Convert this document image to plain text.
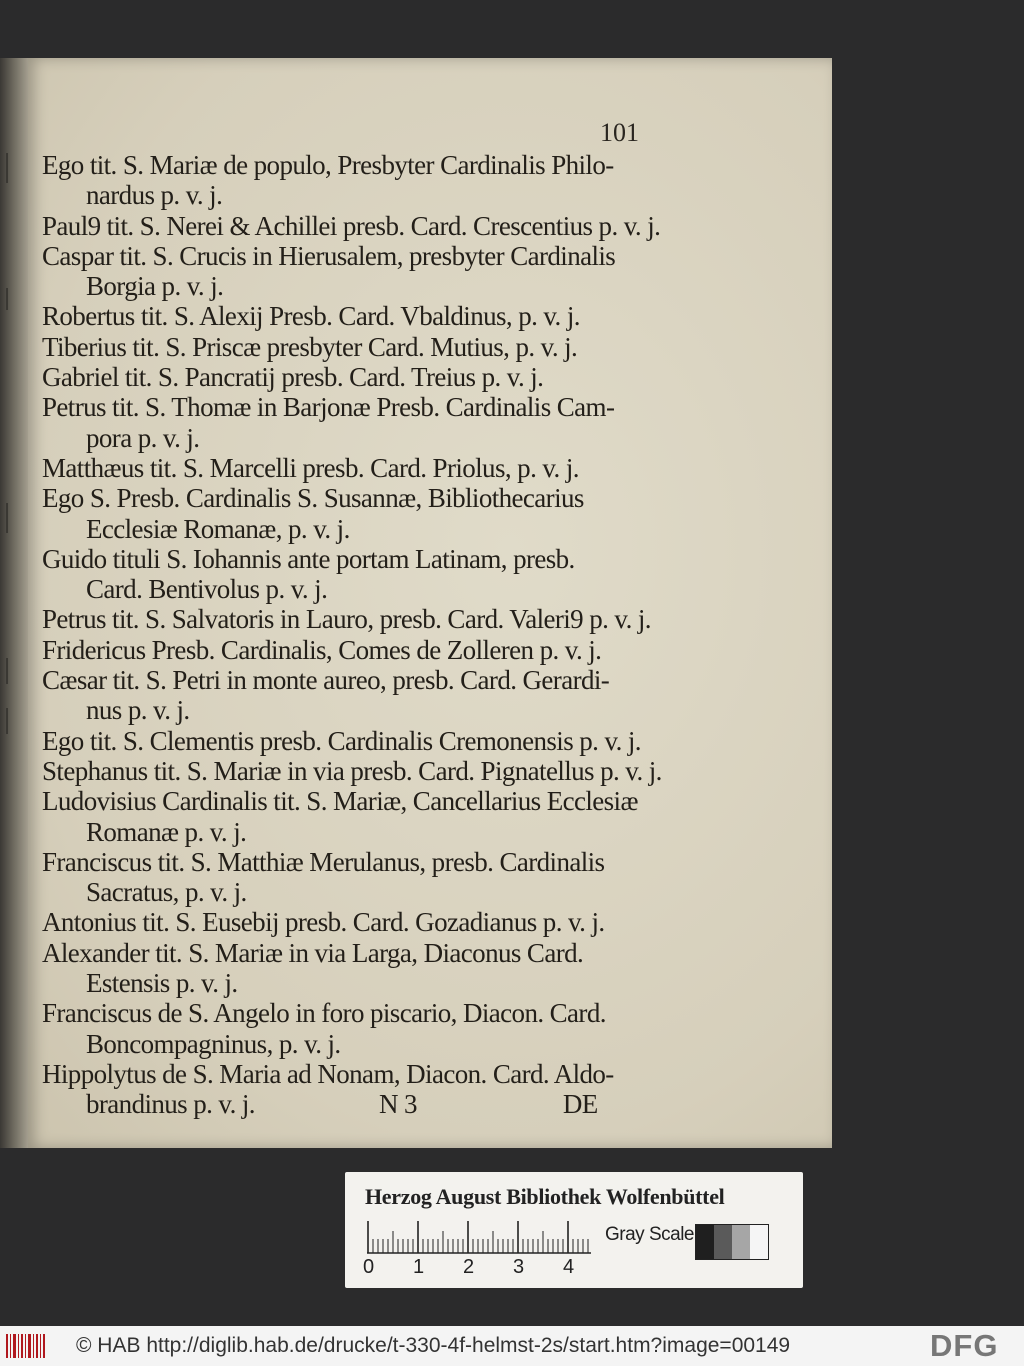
101

Ego tit. S. Mariæ de populo, Presbyter Cardinalis Philo-
nardus p. v. j.

Paul9 tit. S. Nerei & Achillei presb. Card. Crescentius p. v. j.

Caspar tit. S. Crucis in Hierusalem, presbyter Cardinalis
Borgia p. v. j.

Robertus tit. S. Alexij Presb. Card. Vbaldinus, p. v. j.

Tiberius tit. S. Priscæ presbyter Card. Mutius, p. v. j.

Gabriel tit. S. Pancratij presb. Card. Treius p. v. j.

Petrus tit. S. Thomæ in Barjonæ Presb. Cardinalis Cam-
pora p. v. j.

Matthæus tit. S. Marcelli presb. Card. Priolus, p. v. j.

Ego S. Presb. Cardinalis S. Susannæ, Bibliothecarius
Ecclesiæ Romanæ, p. v. j.

Guido tituli S. Iohannis ante portam Latinam, presb.
Card. Bentivolus p. v. j.

Petrus tit. S. Salvatoris in Lauro, presb. Card. Valeri9 p. v. j.

Fridericus Presb. Cardinalis, Comes de Zolleren p. v. j.

Cæsar tit. S. Petri in monte aureo, presb. Card. Gerardi-
nus p. v. j.

Ego tit. S. Clementis presb. Cardinalis Cremonensis p. v. j.

Stephanus tit. S. Mariæ in via presb. Card. Pignatellus p. v. j.

Ludovisius Cardinalis tit. S. Mariæ, Cancellarius Ecclesiæ
Romanæ p. v. j.

Franciscus tit. S. Matthiæ Merulanus, presb. Cardinalis
Sacratus, p. v. j.

Antonius tit. S. Eusebij presb. Card. Gozadianus p. v. j.

Alexander tit. S. Mariæ in via Larga, Diaconus Card.
Estensis p. v. j.

Franciscus de S. Angelo in foro piscario, Diacon. Card.
Boncompagninus, p. v. j.

Hippolytus de S. Maria ad Nonam, Diacon. Card. Aldo-

brandinus p. v. j.	N 3	DE
Herzog August Bibliothek Wolfenbüttel
0 1 2 3 4
Gray Scale
© HAB http://diglib.hab.de/drucke/t-330-4f-helmst-2s/start.htm?image=00149	DFG
